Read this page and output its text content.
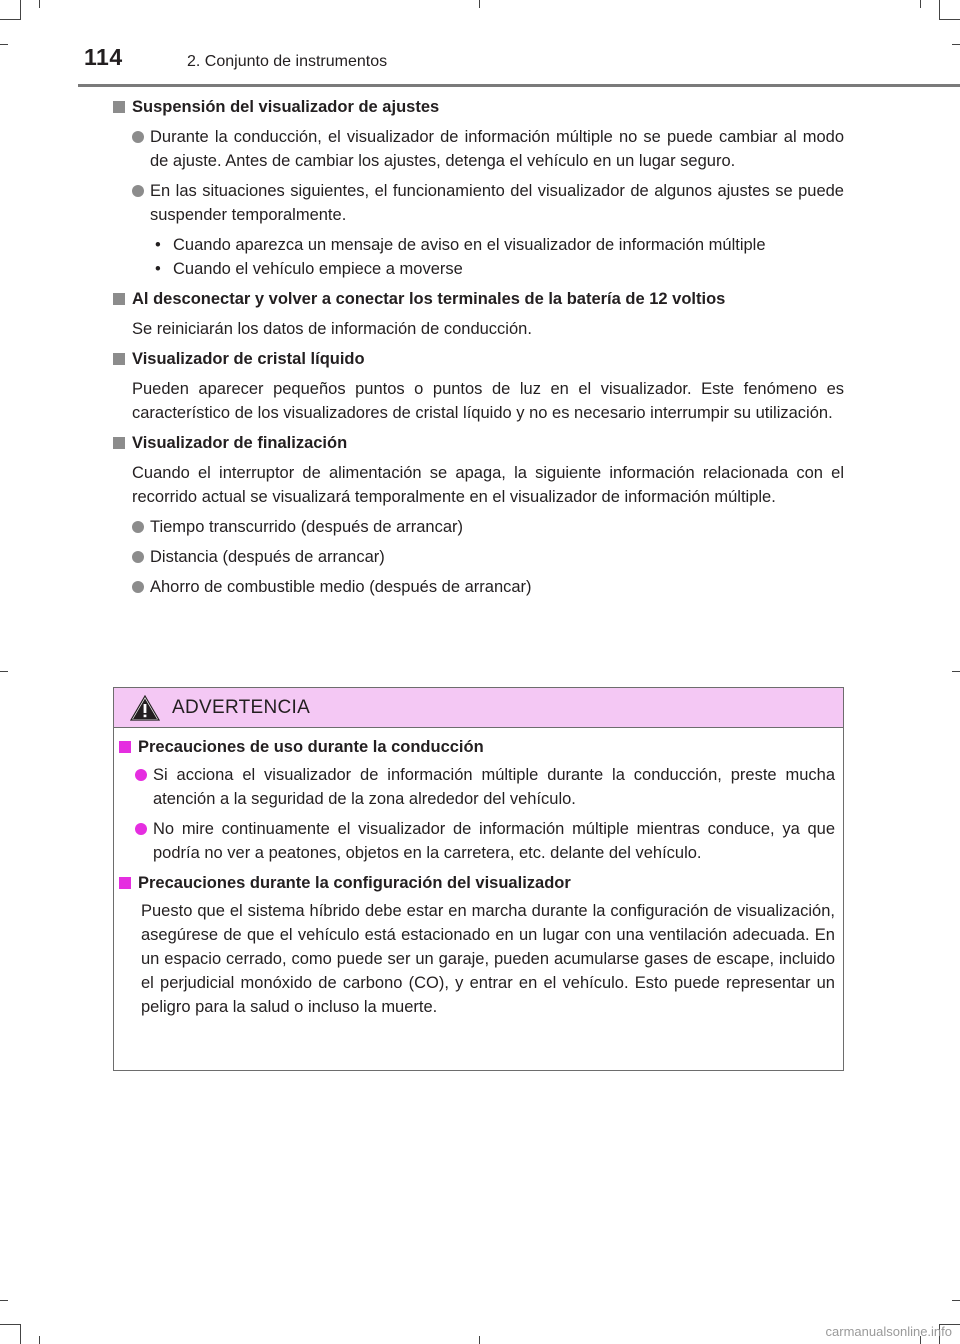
114	2. Conjunto de instrumentos
Suspensión del visualizador de ajustes
Durante la conducción, el visualizador de información múltiple no se puede cambiar al modo de ajuste. Antes de cambiar los ajustes, detenga el vehículo en un lugar seguro.
En las situaciones siguientes, el funcionamiento del visualizador de algunos ajustes se puede suspender temporalmente.
• Cuando aparezca un mensaje de aviso en el visualizador de información múltiple
• Cuando el vehículo empiece a moverse
Al desconectar y volver a conectar los terminales de la batería de 12 voltios
Se reiniciarán los datos de información de conducción.
Visualizador de cristal líquido
Pueden aparecer pequeños puntos o puntos de luz en el visualizador. Este fenómeno es característico de los visualizadores de cristal líquido y no es necesario interrumpir su utilización.
Visualizador de finalización
Cuando el interruptor de alimentación se apaga, la siguiente información relacionada con el recorrido actual se visualizará temporalmente en el visualizador de información múltiple.
Tiempo transcurrido (después de arrancar)
Distancia (después de arrancar)
Ahorro de combustible medio (después de arrancar)
ADVERTENCIA
Precauciones de uso durante la conducción
Si acciona el visualizador de información múltiple durante la conducción, preste mucha atención a la seguridad de la zona alrededor del vehículo.
No mire continuamente el visualizador de información múltiple mientras conduce, ya que podría no ver a peatones, objetos en la carretera, etc. delante del vehículo.
Precauciones durante la configuración del visualizador
Puesto que el sistema híbrido debe estar en marcha durante la configuración de visualización, asegúrese de que el vehículo está estacionado en un lugar con una ventilación adecuada. En un espacio cerrado, como puede ser un garaje, pueden acumularse gases de escape, incluido el perjudicial monóxido de carbono (CO), y entrar en el vehículo. Esto puede representar un peligro para la salud o incluso la muerte.
carmanualsonline.info
